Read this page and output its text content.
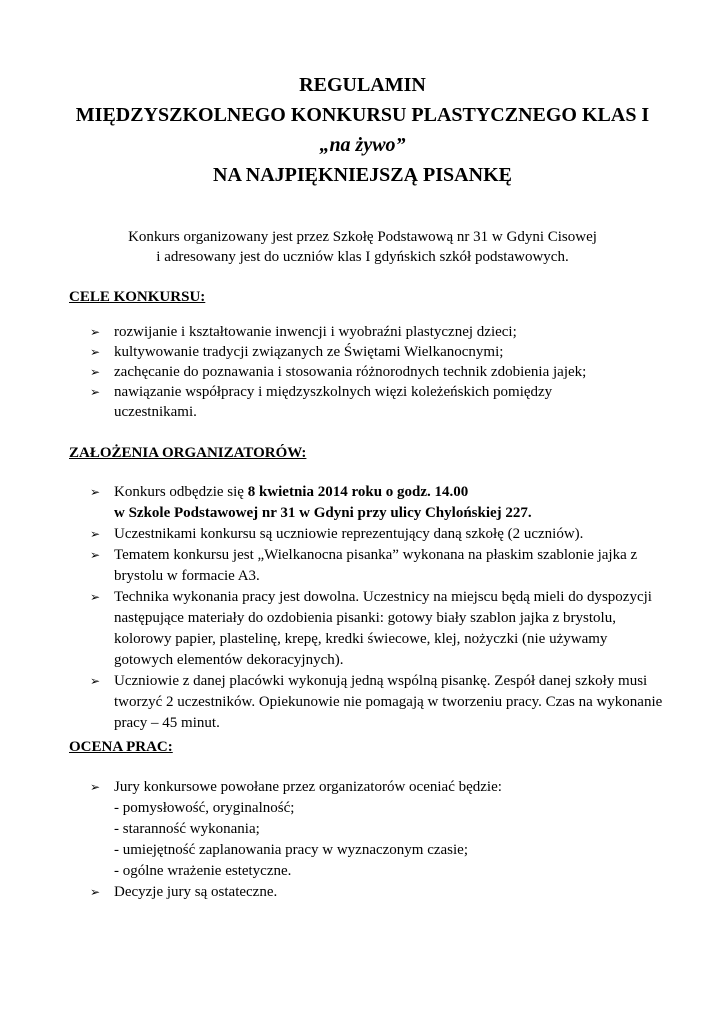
REGULAMIN
MIĘDZYSZKOLNEGO KONKURSU PLASTYCZNEGO KLAS I
„na żywo”
NA NAJPIĘKNIEJSZĄ PISANKĘ
Konkurs organizowany jest przez Szkołę Podstawową nr 31 w Gdyni Cisowej
i adresowany jest do uczniów klas I gdyńskich szkół podstawowych.
CELE KONKURSU:
➢ rozwijanie i kształtowanie inwencji i wyobraźni plastycznej dzieci;
➢ kultywowanie tradycji związanych ze Świętami Wielkanocnymi;
➢ zachęcanie do poznawania i stosowania różnorodnych technik zdobienia jajek;
➢ nawiązanie współpracy i międzyszkolnych więzi koleżeńskich pomiędzy uczestnikami.
ZAŁOŻENIA ORGANIZATORÓW:
➢ Konkurs odbędzie się 8 kwietnia 2014 roku o godz. 14.00
w Szkole Podstawowej nr 31 w Gdyni przy ulicy Chylońskiej 227.
➢ Uczestnikami konkursu są uczniowie reprezentujący daną szkołę (2 uczniów).
➢ Tematem konkursu jest „Wielkanocna pisanka” wykonana na płaskim szablonie jajka z brystolu w formacie A3.
➢ Technika wykonania pracy jest dowolna. Uczestnicy na miejscu będą mieli do dyspozycji następujące materiały do ozdobienia pisanki: gotowy biały szablon jajka z brystolu, kolorowy papier, plastelinę, krepę, kredki świecowe, klej, nożyczki (nie używamy gotowych elementów dekoracyjnych).
➢ Uczniowie z danej placówki wykonują jedną wspólną pisankę. Zespół danej szkoły musi tworzyć 2 uczestników. Opiekunowie nie pomagają w tworzeniu pracy. Czas na wykonanie pracy – 45 minut.
OCENA PRAC:
➢ Jury konkursowe powołane przez organizatorów oceniać będzie:
- pomysłowość, oryginalność;
- staranność wykonania;
- umiejętność zaplanowania pracy w wyznaczonym czasie;
- ogólne wrażenie estetyczne.
➢ Decyzje jury są ostateczne.
